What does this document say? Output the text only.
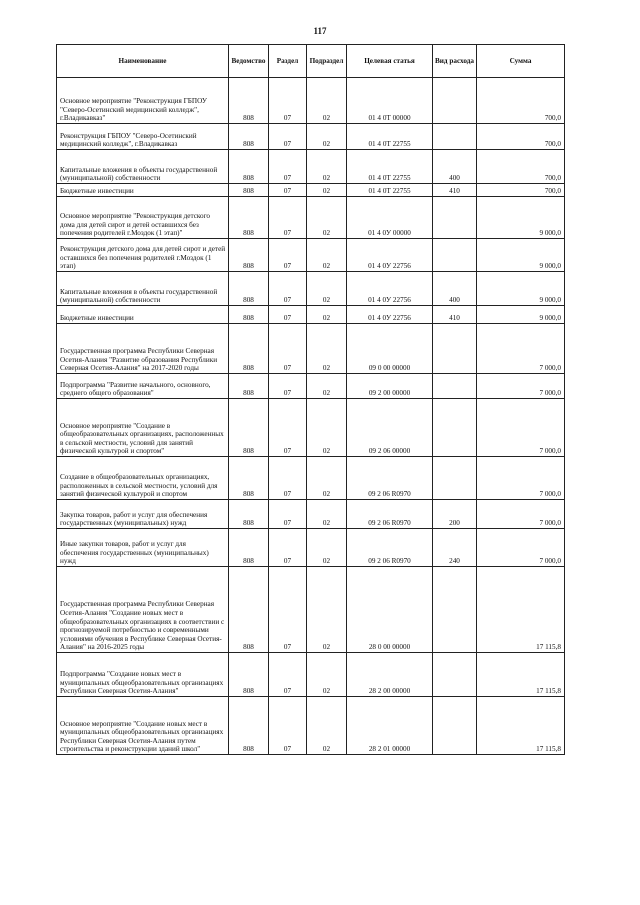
117
Наименование	Ведомство	Раздел	Подраздел	Целевая статья	Вид расхода	Сумма
Основное мероприятие "Реконструкция ГБПОУ "Северо-Осетинский медицинский колледж", г.Владикавказ"	808	07	02	01 4 0Т 00000		700,0
Реконструкция ГБПОУ "Северо-Осетинский медицинский колледж", г.Владикавказ	808	07	02	01 4 0Т 22755		700,0
Капитальные вложения в объекты государственной (муниципальной) собственности	808	07	02	01 4 0Т 22755	400	700,0
Бюджетные инвестиции	808	07	02	01 4 0Т 22755	410	700,0
Основное мероприятие "Реконструкция детского дома для детей сирот и детей оставшихся без попечения родителей г.Моздок (1 этап)"	808	07	02	01 4 0У 00000		9 000,0
Реконструкция детского дома для детей сирот и детей оставшихся без попечения родителей г.Моздок (1 этап)	808	07	02	01 4 0У 22756		9 000,0
Капитальные вложения в объекты государственной (муниципальной) собственности	808	07	02	01 4 0У 22756	400	9 000,0
Бюджетные инвестиции	808	07	02	01 4 0У 22756	410	9 000,0
Государственная программа Республики Северная Осетия-Алания "Развитие образования Республики Северная Осетия-Алания" на 2017-2020 годы	808	07	02	09 0 00 00000		7 000,0
Подпрограмма "Развитие начального, основного, среднего общего образования"	808	07	02	09 2 00 00000		7 000,0
Основное мероприятие "Создание в общеобразовательных организациях, расположенных в сельской местности, условий для занятий физической культурой и спортом"	808	07	02	09 2 06 00000		7 000,0
Создание в общеобразовательных организациях, расположенных в сельской местности, условий для занятий физической культурой и спортом	808	07	02	09 2 06 R0970		7 000,0
Закупка товаров, работ и услуг для обеспечения государственных (муниципальных) нужд	808	07	02	09 2 06 R0970	200	7 000,0
Иные закупки товаров, работ и услуг для обеспечения государственных (муниципальных) нужд	808	07	02	09 2 06 R0970	240	7 000,0
Государственная программа Республики Северная Осетия-Алания "Создание новых мест в общеобразовательных организациях в соответствии с прогнозируемой потребностью и современными условиями обучения в Республике Северная Осетия-Алания" на 2016-2025 годы	808	07	02	28 0 00 00000		17 115,8
Подпрограмма "Создание новых мест в муниципальных общеобразовательных организациях Республики Северная Осетия-Алания"	808	07	02	28 2 00 00000		17 115,8
Основное мероприятие "Создание новых мест в муниципальных общеобразовательных организациях Республики Северная Осетия-Алания путем строительства и реконструкции зданий школ"	808	07	02	28 2 01 00000		17 115,8
